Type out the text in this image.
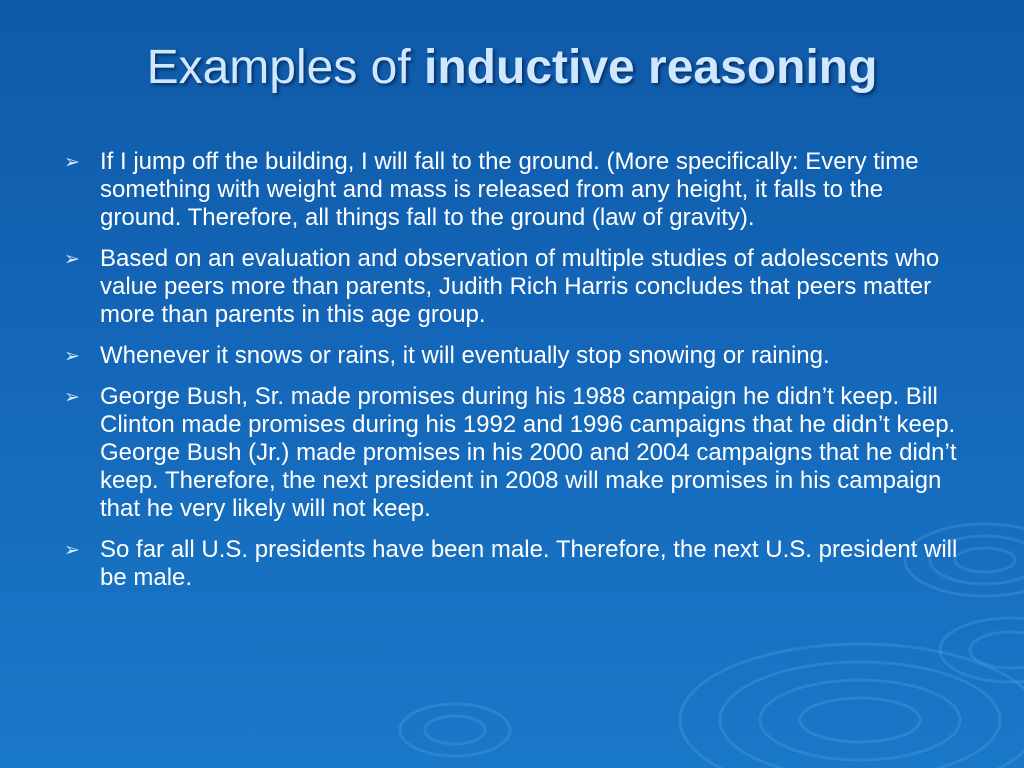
Examples of inductive reasoning
➢ If I jump off the building, I will fall to the ground. (More specifically: Every time something with weight and mass is released from any height, it falls to the ground. Therefore, all things fall to the ground (law of gravity).
➢ Based on an evaluation and observation of multiple studies of adolescents who value peers more than parents, Judith Rich Harris concludes that peers matter more than parents in this age group.
➢ Whenever it snows or rains, it will eventually stop snowing or raining.
➢ George Bush, Sr. made promises during his 1988 campaign he didn’t keep. Bill Clinton made promises during his 1992 and 1996 campaigns that he didn’t keep. George Bush (Jr.) made promises in his 2000 and 2004 campaigns that he didn’t keep. Therefore, the next president in 2008 will make promises in his campaign that he very likely will not keep.
➢ So far all U.S. presidents have been male. Therefore, the next U.S. president will be male.
